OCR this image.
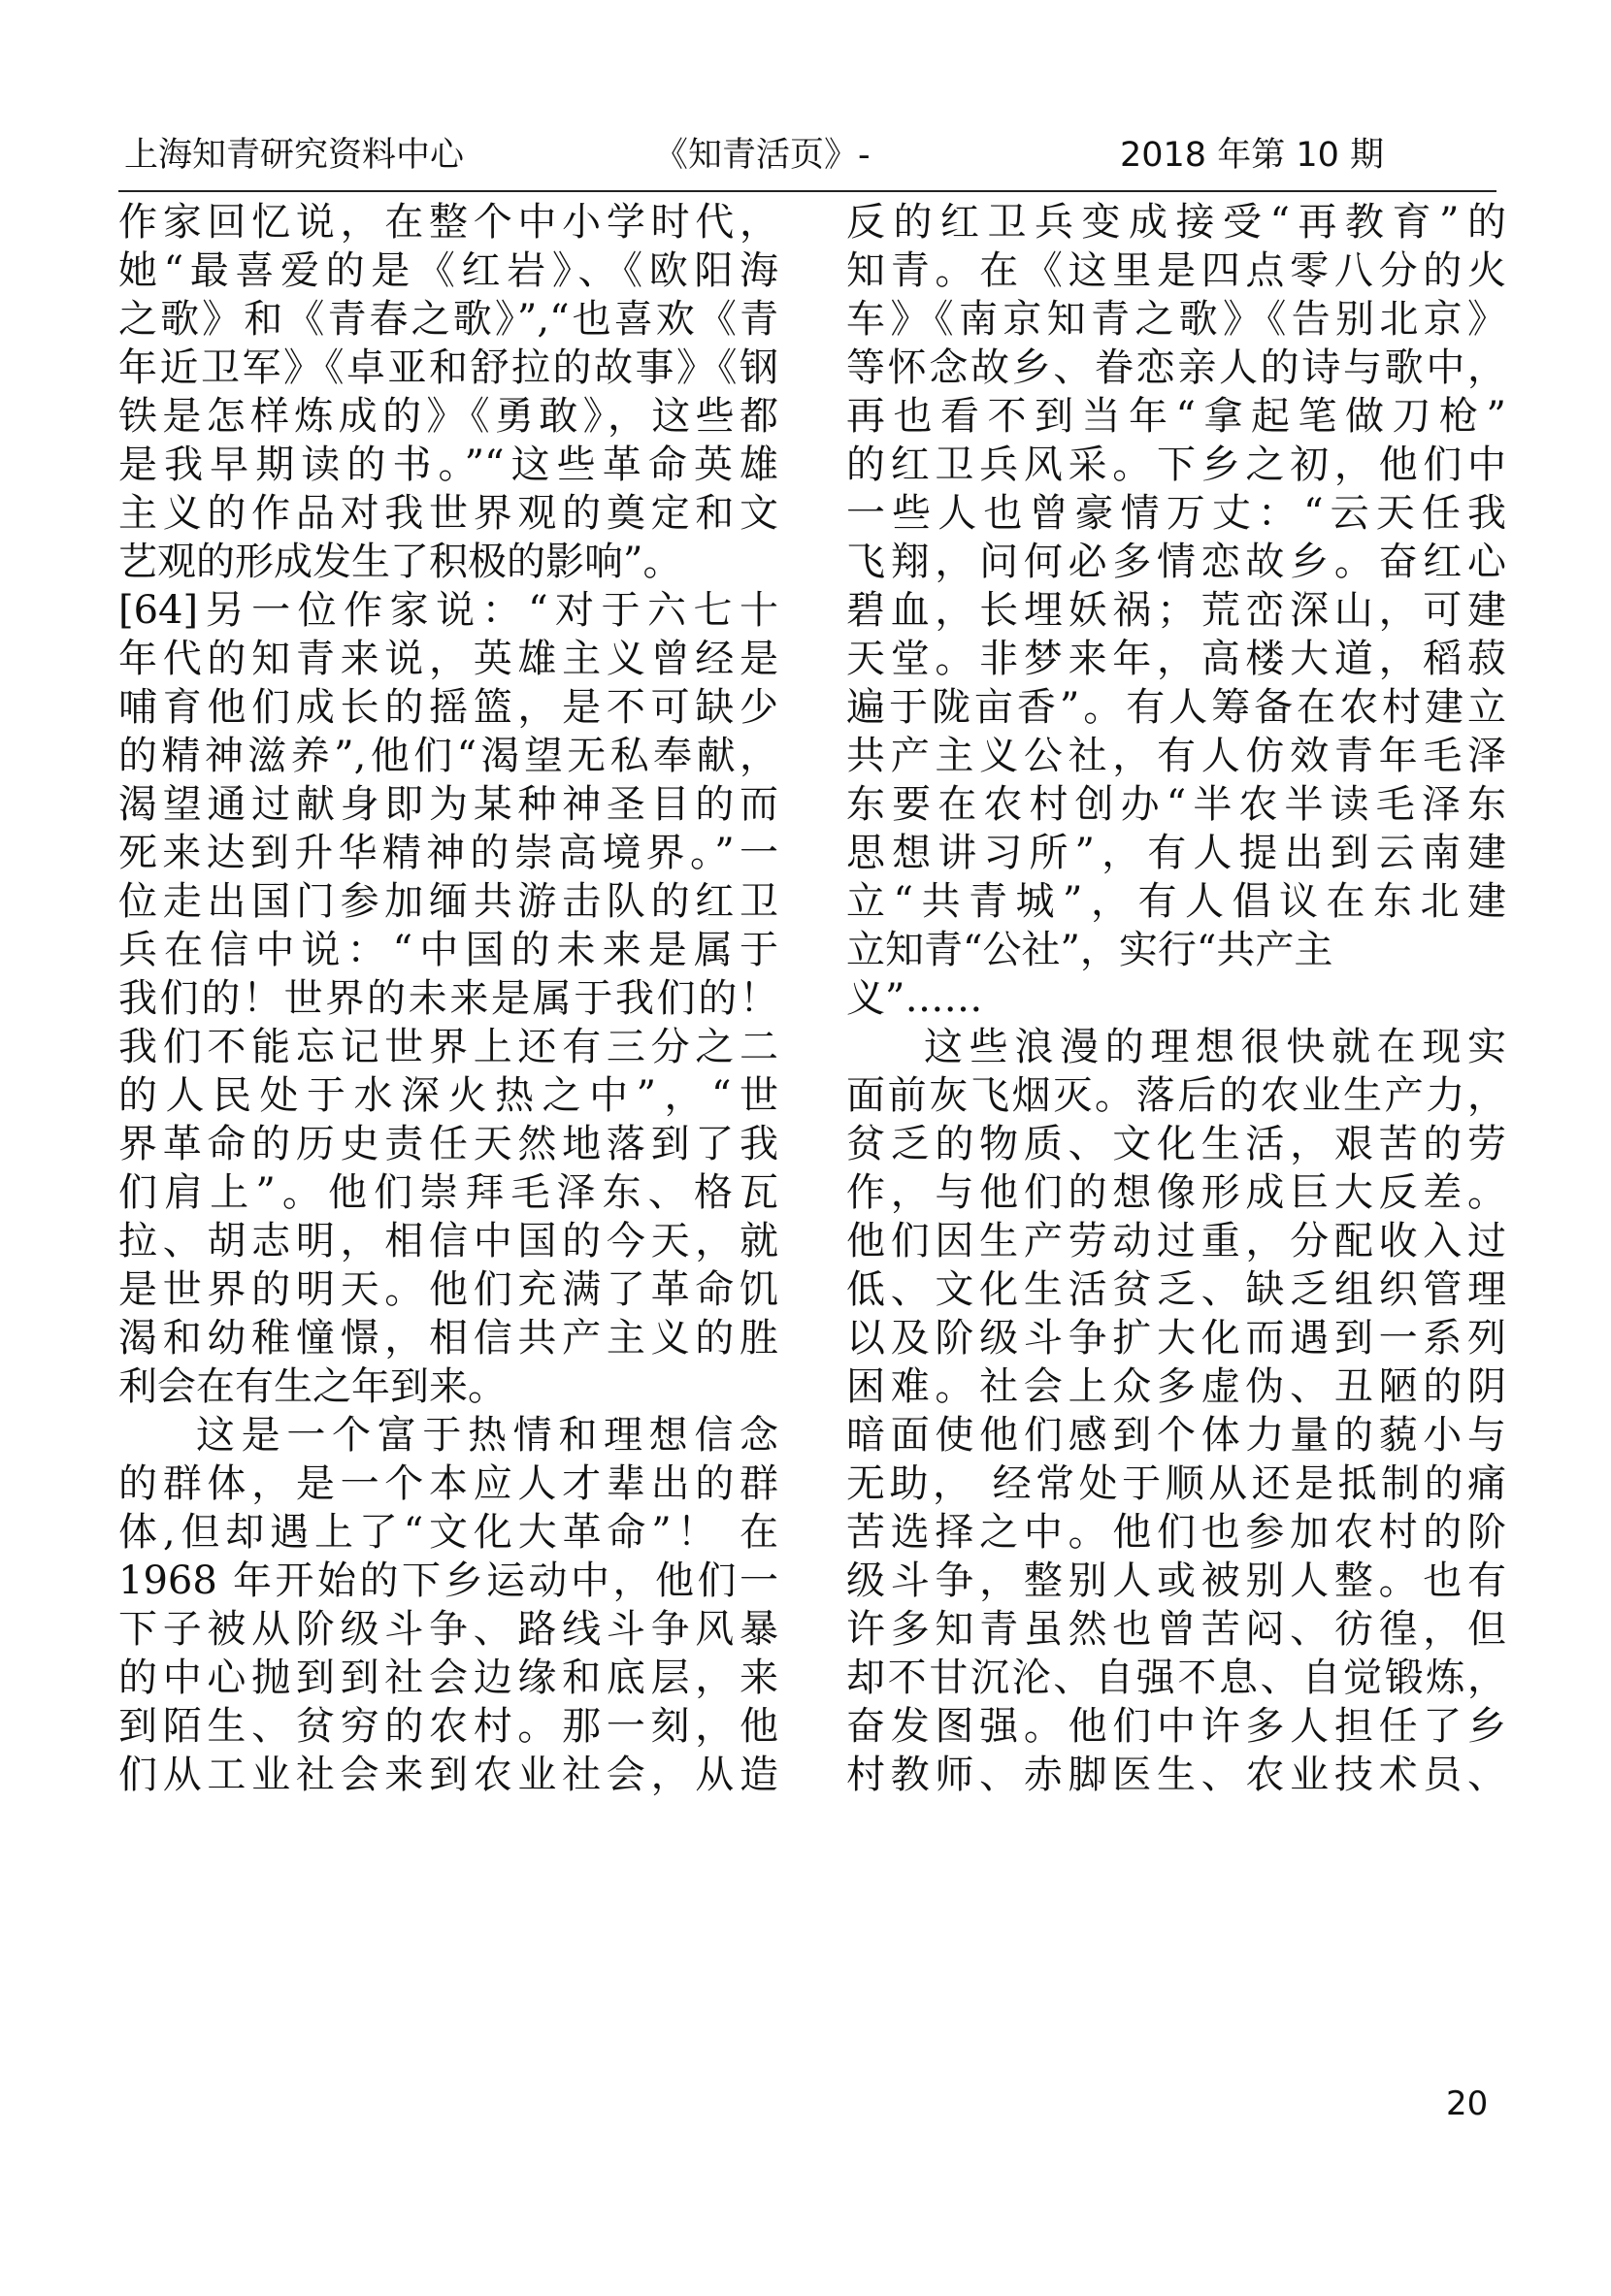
上海知青研究资料中心	《知青活页》-	2018 年第 10 期
作家回忆说，在整个中小学时代，
她“最喜爱的是《红岩》、《欧阳海
之歌》和《青春之歌》”,“也喜欢《青
年近卫军》《卓亚和舒拉的故事》《钢
铁是怎样炼成的》《勇敢》，这些都
是我早期读的书。”“这些革命英雄
主义的作品对我世界观的奠定和文
艺观的形成发生了积极的影响”。
[64]另一位作家说：“对于六七十
年代的知青来说，英雄主义曾经是
哺育他们成长的摇篮，是不可缺少
的精神滋养”,他们“渴望无私奉献，
渴望通过献身即为某种神圣目的而
死来达到升华精神的崇高境界。”一
位走出国门参加缅共游击队的红卫
兵在信中说：“中国的未来是属于
我们的！世界的未来是属于我们的！
我们不能忘记世界上还有三分之二
的人民处于水深火热之中”，“世
界革命的历史责任天然地落到了我
们肩上”。他们崇拜毛泽东、格瓦
拉、胡志明，相信中国的今天，就
是世界的明天。他们充满了革命饥
渴和幼稚憧憬，相信共产主义的胜
利会在有生之年到来。
这是一个富于热情和理想信念
的群体，是一个本应人才辈出的群
体,但却遇上了“文化大革命”！ 在
1968 年开始的下乡运动中，他们一
下子被从阶级斗争、路线斗争风暴
的中心抛到到社会边缘和底层，来
到陌生、贫穷的农村。那一刻，他
们从工业社会来到农业社会，从造
反的红卫兵变成接受“再教育”的
知青。在《这里是四点零八分的火
车》《南京知青之歌》《告别北京》
等怀念故乡、眷恋亲人的诗与歌中，
再也看不到当年“拿起笔做刀枪”
的红卫兵风采。下乡之初，他们中
一些人也曾豪情万丈：“云天任我
飞翔，问何必多情恋故乡。奋红心
碧血，长埋妖祸；荒峦深山，可建
天堂。非梦来年，高楼大道，稻菽
遍于陇亩香”。有人筹备在农村建立
共产主义公社，有人仿效青年毛泽
东要在农村创办“半农半读毛泽东
思想讲习所”，有人提出到云南建
立“共青城”，有人倡议在东北建
立知青“公社”，实行“共产主
义”……
这些浪漫的理想很快就在现实
面前灰飞烟灭。落后的农业生产力，
贫乏的物质、文化生活，艰苦的劳
作，与他们的想像形成巨大反差。
他们因生产劳动过重，分配收入过
低、文化生活贫乏、缺乏组织管理
以及阶级斗争扩大化而遇到一系列
困难。社会上众多虚伪、丑陋的阴
暗面使他们感到个体力量的藐小与
无助， 经常处于顺从还是抵制的痛
苦选择之中。他们也参加农村的阶
级斗争，整别人或被别人整。也有
许多知青虽然也曾苦闷、彷徨，但
却不甘沉沦、自强不息、自觉锻炼，
奋发图强。他们中许多人担任了乡
村教师、赤脚医生、农业技术员、
20
